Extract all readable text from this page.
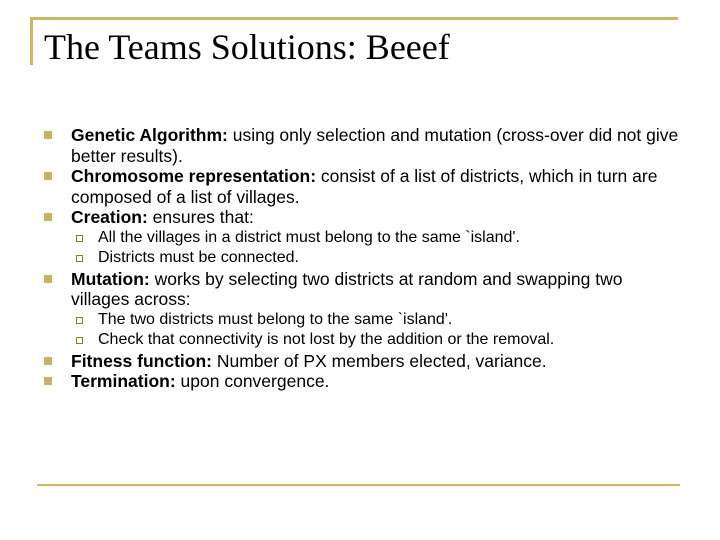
The Teams Solutions: Beeef
Genetic Algorithm: using only selection and mutation (cross-over did not give better results).
Chromosome representation: consist of a list of districts, which in turn are composed of a list of villages.
Creation: ensures that:
All the villages in a district must belong to the same `island'.
Districts must be connected.
Mutation: works by selecting two districts at random and swapping two villages across:
The two districts must belong to the same `island'.
Check that connectivity is not lost by the addition or the removal.
Fitness function: Number of PX members elected, variance.
Termination: upon convergence.
